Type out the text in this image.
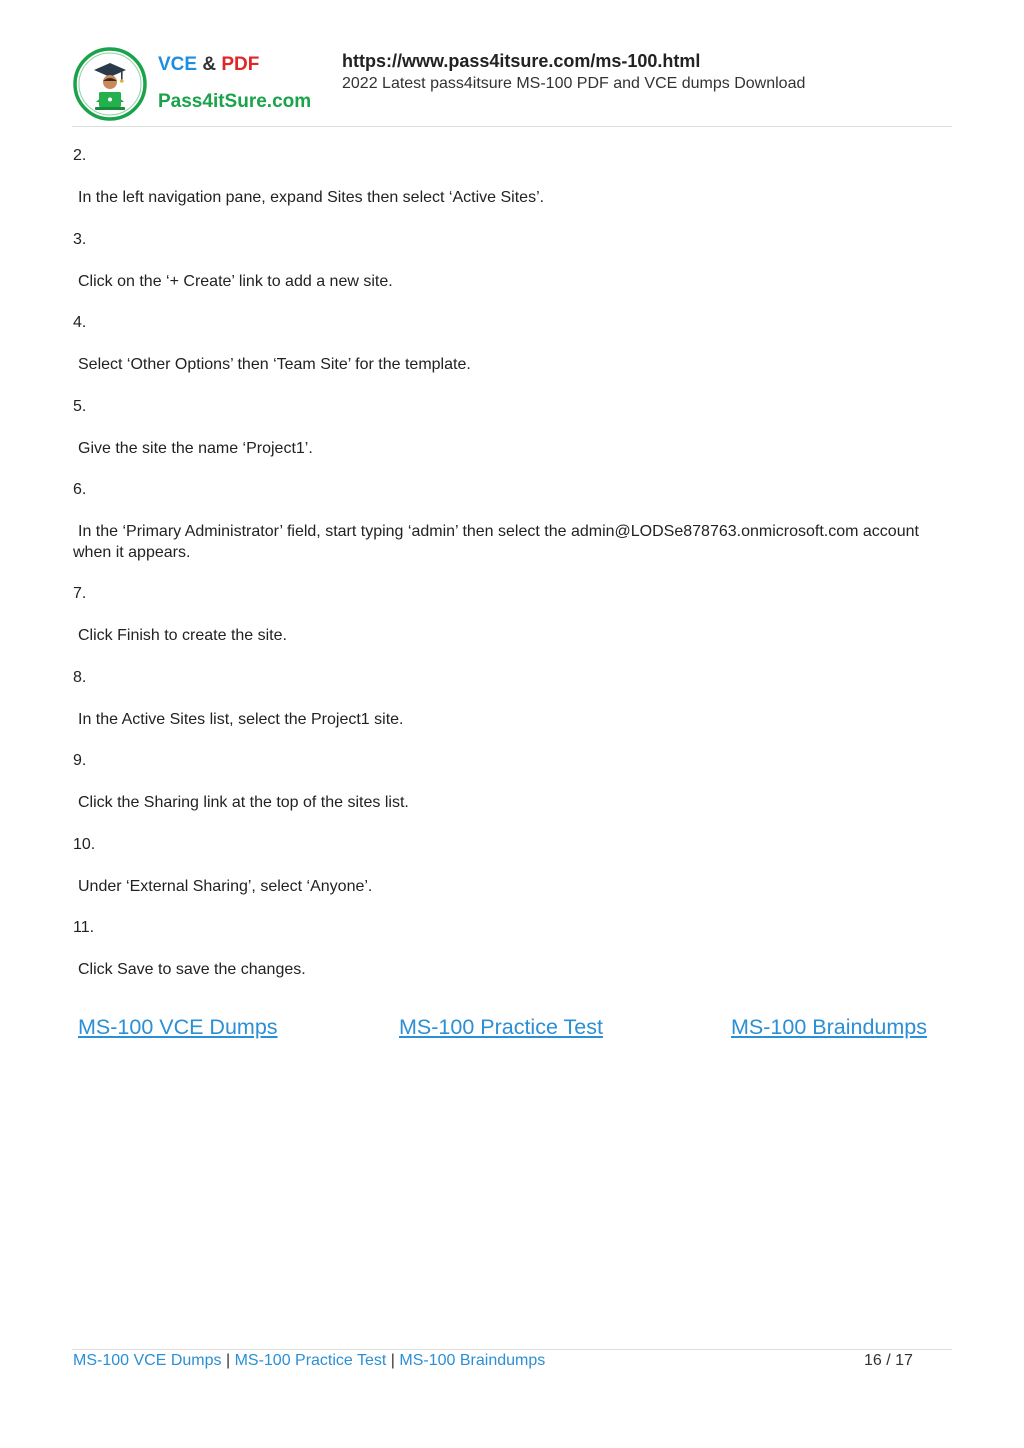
VCE & PDF
Pass4itSure.com
https://www.pass4itsure.com/ms-100.html
2022 Latest pass4itsure MS-100 PDF and VCE dumps Download

2.

In the left navigation pane, expand Sites then select ‘Active Sites’.

3.

Click on the ‘+ Create’ link to add a new site.

4.

Select ‘Other Options’ then ‘Team Site’ for the template.

5.

Give the site the name ‘Project1’.

6.

In the ‘Primary Administrator’ field, start typing ‘admin’ then select the admin@LODSe878763.onmicrosoft.com account when it appears.

7.

Click Finish to create the site.

8.

In the Active Sites list, select the Project1 site.

9.

Click the Sharing link at the top of the sites list.

10.

Under ‘External Sharing’, select ‘Anyone’.

11.

Click Save to save the changes.

MS-100 VCE Dumps	MS-100 Practice Test	MS-100 Braindumps
MS-100 VCE Dumps | MS-100 Practice Test | MS-100 Braindumps	16 / 17
